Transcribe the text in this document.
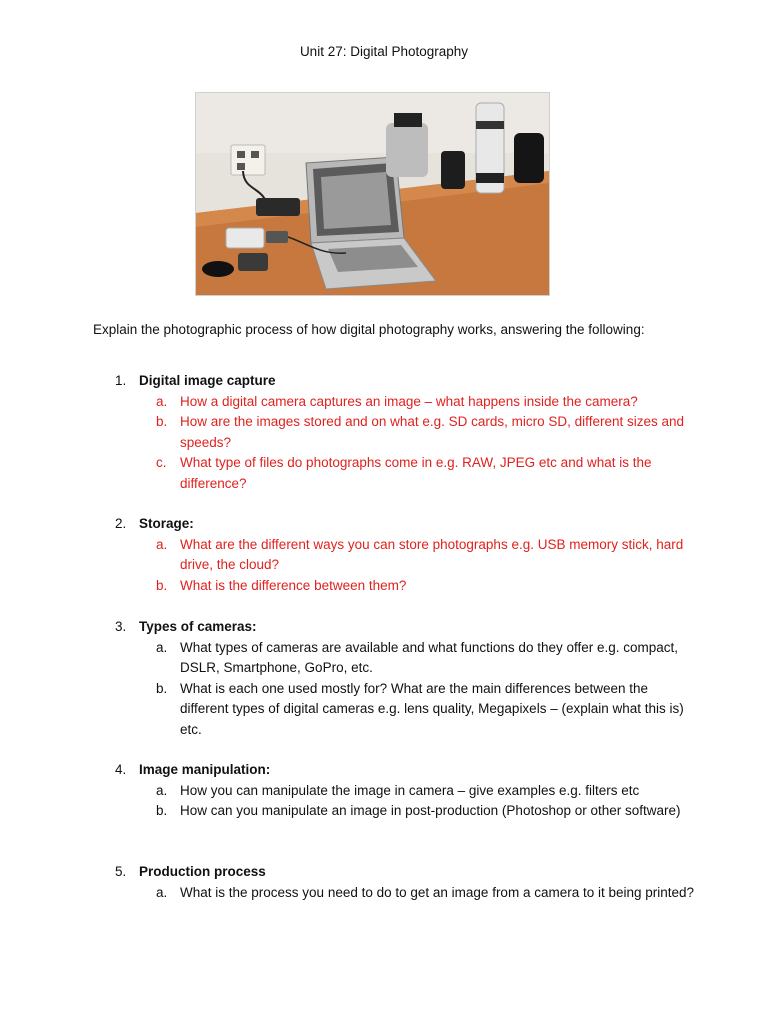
Unit 27: Digital Photography
Explain the photographic process of how digital photography works, answering the following:
1. Digital image capture
a. How a digital camera captures an image – what happens inside the camera?
b. How are the images stored and on what e.g. SD cards, micro SD, different sizes and speeds?
c. What type of files do photographs come in e.g. RAW, JPEG etc and what is the difference?
2. Storage:
a. What are the different ways you can store photographs e.g. USB memory stick, hard drive, the cloud?
b. What is the difference between them?
3. Types of cameras:
a. What types of cameras are available and what functions do they offer e.g. compact, DSLR, Smartphone, GoPro, etc.
b. What is each one used mostly for? What are the main differences between the different types of digital cameras e.g. lens quality, Megapixels – (explain what this is) etc.
4. Image manipulation:
a. How you can manipulate the image in camera – give examples e.g. filters etc
b. How can you manipulate an image in post-production (Photoshop or other software)
5. Production process
a. What is the process you need to do to get an image from a camera to it being printed?
